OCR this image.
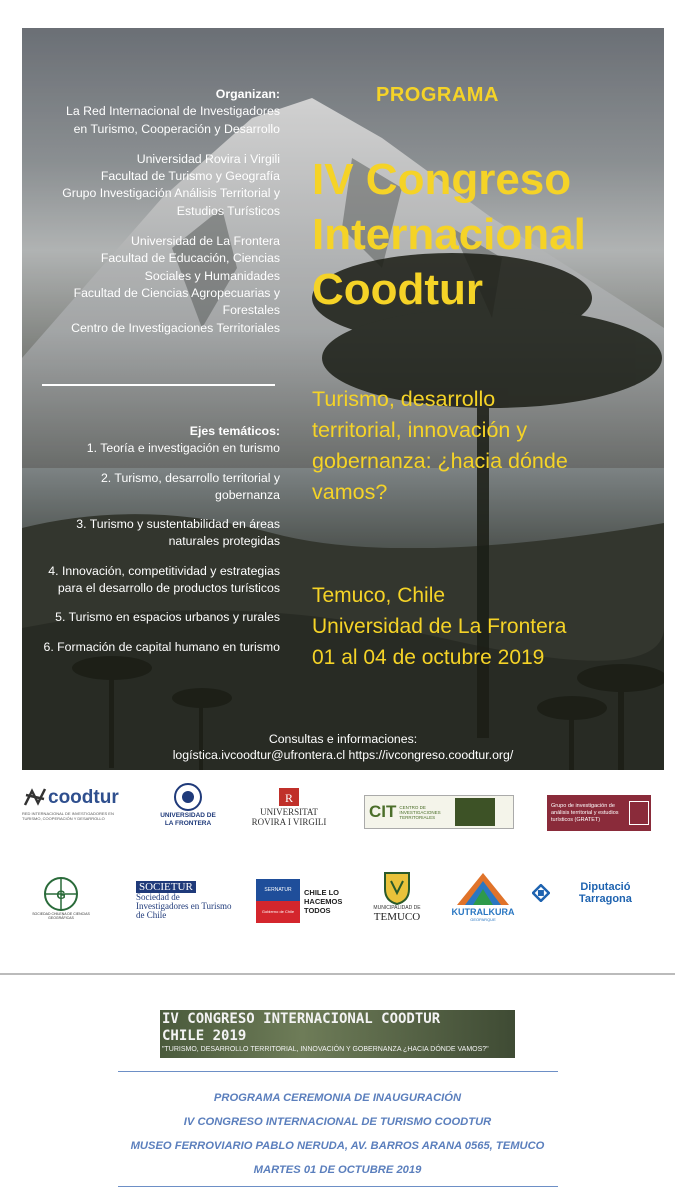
Organizan:

La Red Internacional de Investigadores
en Turismo, Cooperación y Desarrollo

Universidad Rovira i Virgili
Facultad de Turismo y Geografía
Grupo Investigación Análisis Territorial y
Estudios Turísticos

Universidad de La Frontera
Facultad de Educación, Ciencias
Sociales y Humanidades
Facultad de Ciencias Agropecuarias y
Forestales
Centro de Investigaciones Territoriales

Ejes temáticos:
1. Teoría e investigación en turismo
2. Turismo, desarrollo territorial y
gobernanza
3. Turismo y sustentabilidad en áreas
naturales protegidas
4. Innovación, competitividad y estrategias
para el desarrollo de productos turísticos
5. Turismo en espacios urbanos y rurales
6. Formación de capital humano en turismo
PROGRAMA
IV Congreso
Internacional
Coodtur
Turismo, desarrollo
territorial, innovación y
gobernanza: ¿hacia dónde
vamos?
Temuco, Chile
Universidad de La Frontera
01 al 04 de octubre 2019
Consultas e informaciones:
logística.ivcoodtur@ufrontera.cl https://ivcongreso.coodtur.org/
coodtur
RED INTERNACIONAL DE INVESTIGADORES EN TURISMO, COOPERACIÓN Y DESARROLLO	UNIVERSIDAD DE LA FRONTERA
R
UNIVERSITAT
ROVIRA I VIRGILI
CIT CENTRO DE INVESTIGACIONES TERRITORIALES
Grupo de investigación de análisis territorial y estudios turísticos (GRATET)
G
SOCIEDAD CHILENA DE CIENCIAS GEOGRÁFICAS
SOCIETUR
Sociedad de Investigadores en Turismo de Chile
SERNATUR
Gobierno de Chile
CHILE LO HACEMOS TODOS	MUNICIPALIDAD DE
TEMUCO	KUTRALKURA
GEOPARQUE
Diputació Tarragona
IV CONGRESO INTERNACIONAL COODTUR
CHILE 2019
"TURISMO, DESARROLLO TERRITORIAL, INNOVACIÓN Y GOBERNANZA ¿HACIA DÓNDE VAMOS?"
PROGRAMA CEREMONIA DE INAUGURACIÓN
IV CONGRESO INTERNACIONAL DE TURISMO COODTUR
MUSEO FERROVIARIO PABLO NERUDA, AV. BARROS ARANA 0565, TEMUCO
MARTES 01 DE OCTUBRE 2019
